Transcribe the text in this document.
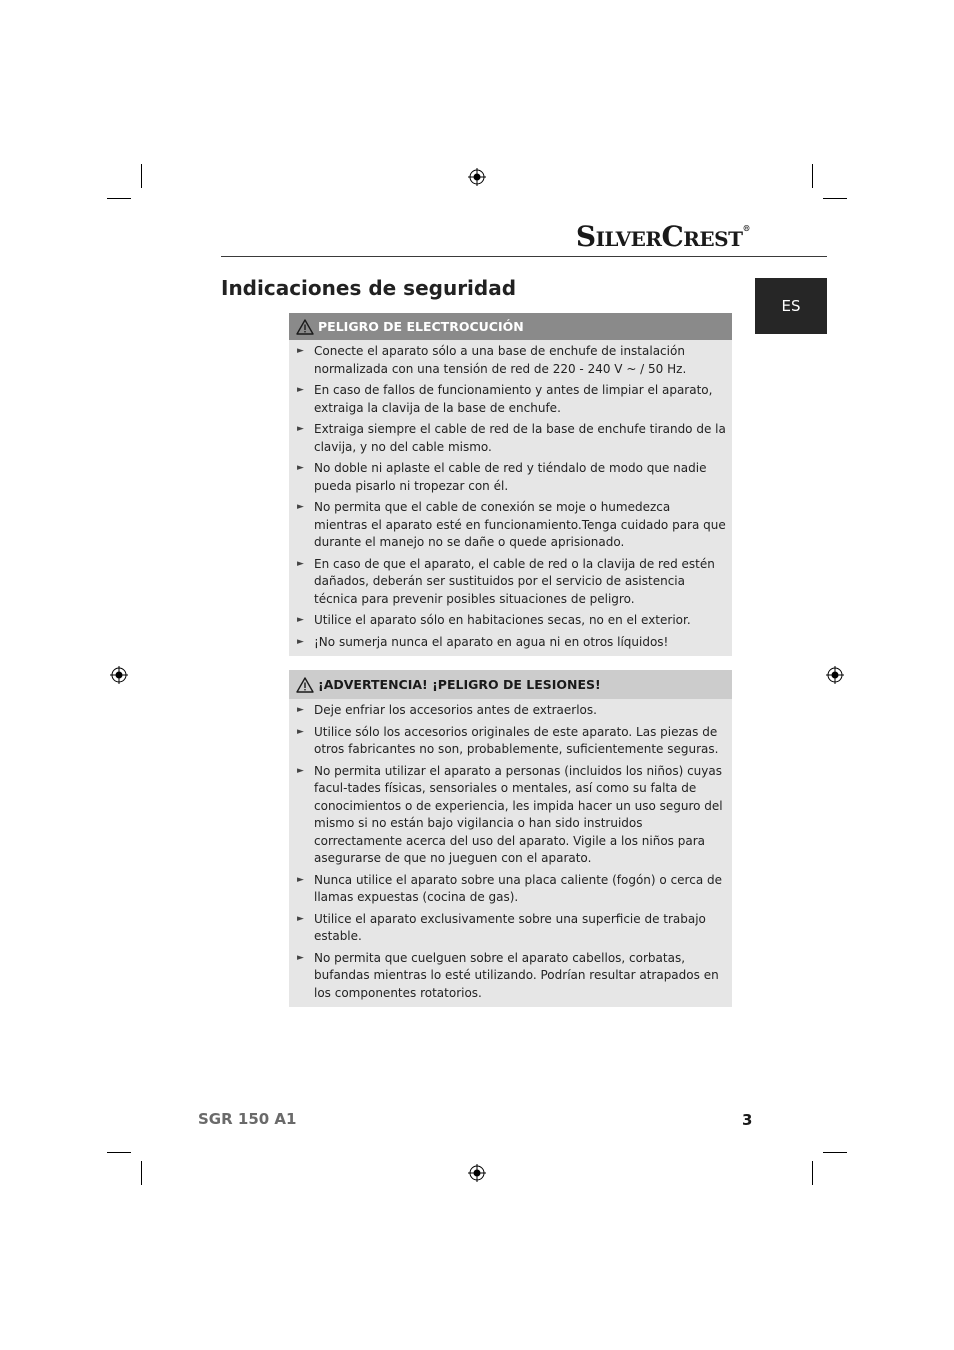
SILVERCREST®
ES
Indicaciones de seguridad
PELIGRO DE ELECTROCUCIÓN
► Conecte el aparato sólo a una base de enchufe de instalación normalizada con una tensión de red de 220 - 240 V ~ / 50 Hz.
► En caso de fallos de funcionamiento y antes de limpiar el aparato, extraiga la clavija de la base de enchufe.
► Extraiga siempre el cable de red de la base de enchufe tirando de la clavija, y no del cable mismo.
► No doble ni aplaste el cable de red y tiéndalo de modo que nadie pueda pisarlo ni tropezar con él.
► No permita que el cable de conexión se moje o humedezca mientras el aparato esté en funcionamiento.Tenga cuidado para que durante el manejo no se dañe o quede aprisionado.
► En caso de que el aparato, el cable de red o la clavija de red estén dañados, deberán ser sustituidos por el servicio de asistencia técnica para prevenir posibles situaciones de peligro.
► Utilice el aparato sólo en habitaciones secas, no en el exterior.
► ¡No sumerja nunca el aparato en agua ni en otros líquidos!
¡ADVERTENCIA! ¡PELIGRO DE LESIONES!
► Deje enfriar los accesorios antes de extraerlos.
► Utilice sólo los accesorios originales de este aparato. Las piezas de otros fabricantes no son, probablemente, suficientemente seguras.
► No permita utilizar el aparato a personas (incluidos los niños) cuyas facul-tades físicas, sensoriales o mentales, así como su falta de conocimientos o de experiencia, les impida hacer un uso seguro del mismo si no están bajo vigilancia o han sido instruidos correctamente acerca del uso del aparato. Vigile a los niños para asegurarse de que no jueguen con el aparato.
► Nunca utilice el aparato sobre una placa caliente (fogón) o cerca de llamas expuestas (cocina de gas).
► Utilice el aparato exclusivamente sobre una superficie de trabajo estable.
► No permita que cuelguen sobre el aparato cabellos, corbatas, bufandas mientras lo esté utilizando. Podrían resultar atrapados en los componentes rotatorios.
SGR 150 A1	3
